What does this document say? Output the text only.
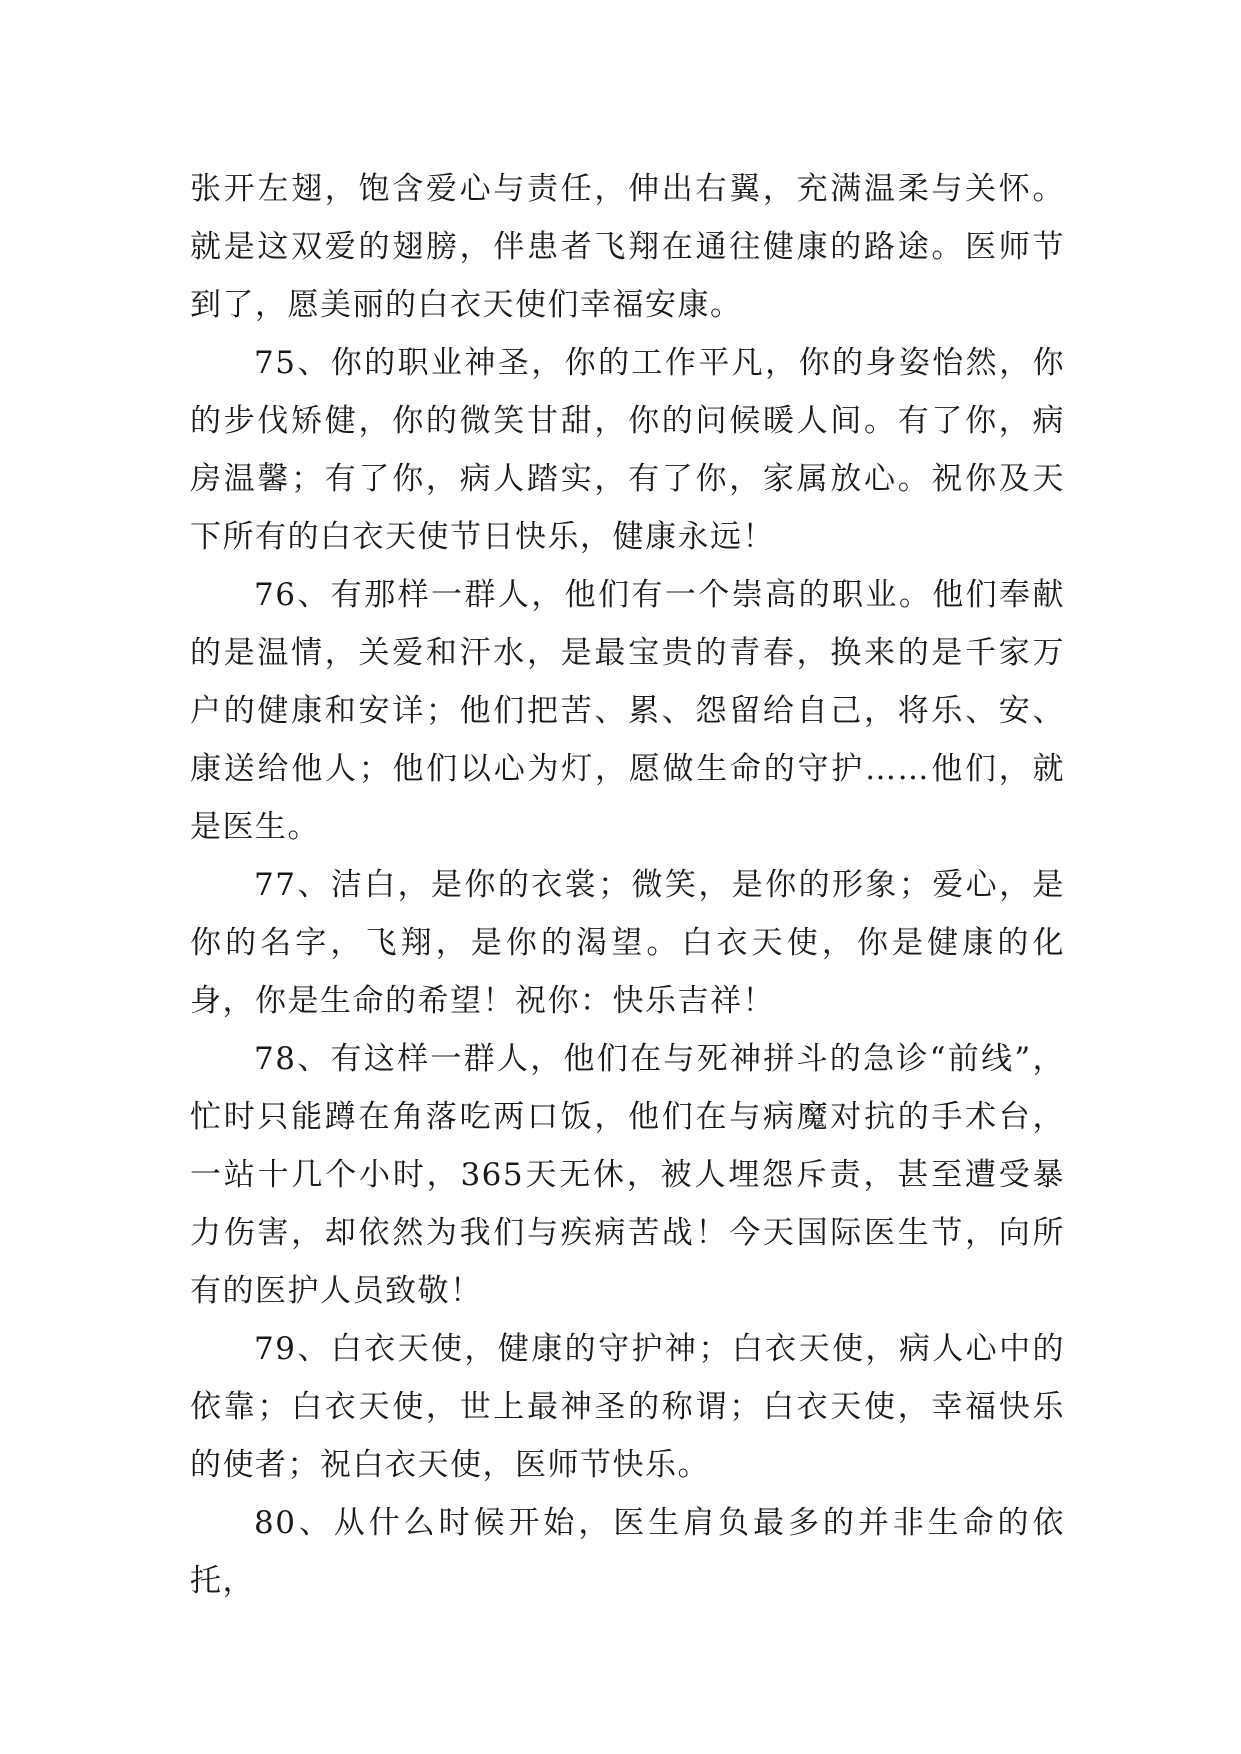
张开左翅，饱含爱心与责任，伸出右翼，充满温柔与关怀。就是这双爱的翅膀，伴患者飞翔在通往健康的路途。医师节到了，愿美丽的白衣天使们幸福安康。

75、你的职业神圣，你的工作平凡，你的身姿怡然，你的步伐矫健，你的微笑甘甜，你的问候暖人间。有了你，病房温馨；有了你，病人踏实，有了你，家属放心。祝你及天下所有的白衣天使节日快乐，健康永远！

76、有那样一群人，他们有一个崇高的职业。他们奉献的是温情，关爱和汗水，是最宝贵的青春，换来的是千家万户的健康和安详；他们把苦、累、怨留给自己，将乐、安、康送给他人；他们以心为灯，愿做生命的守护……他们，就是医生。

77、洁白，是你的衣裳；微笑，是你的形象；爱心，是你的名字，飞翔，是你的渴望。白衣天使，你是健康的化身，你是生命的希望！祝你：快乐吉祥！

78、有这样一群人，他们在与死神拼斗的急诊“前线”，忙时只能蹲在角落吃两口饭，他们在与病魔对抗的手术台，一站十几个小时，365天无休，被人埋怨斥责，甚至遭受暴力伤害，却依然为我们与疾病苦战！今天国际医生节，向所有的医护人员致敬！

79、白衣天使，健康的守护神；白衣天使，病人心中的依靠；白衣天使，世上最神圣的称谓；白衣天使，幸福快乐的使者；祝白衣天使，医师节快乐。

80、从什么时候开始，医生肩负最多的并非生命的依托，
